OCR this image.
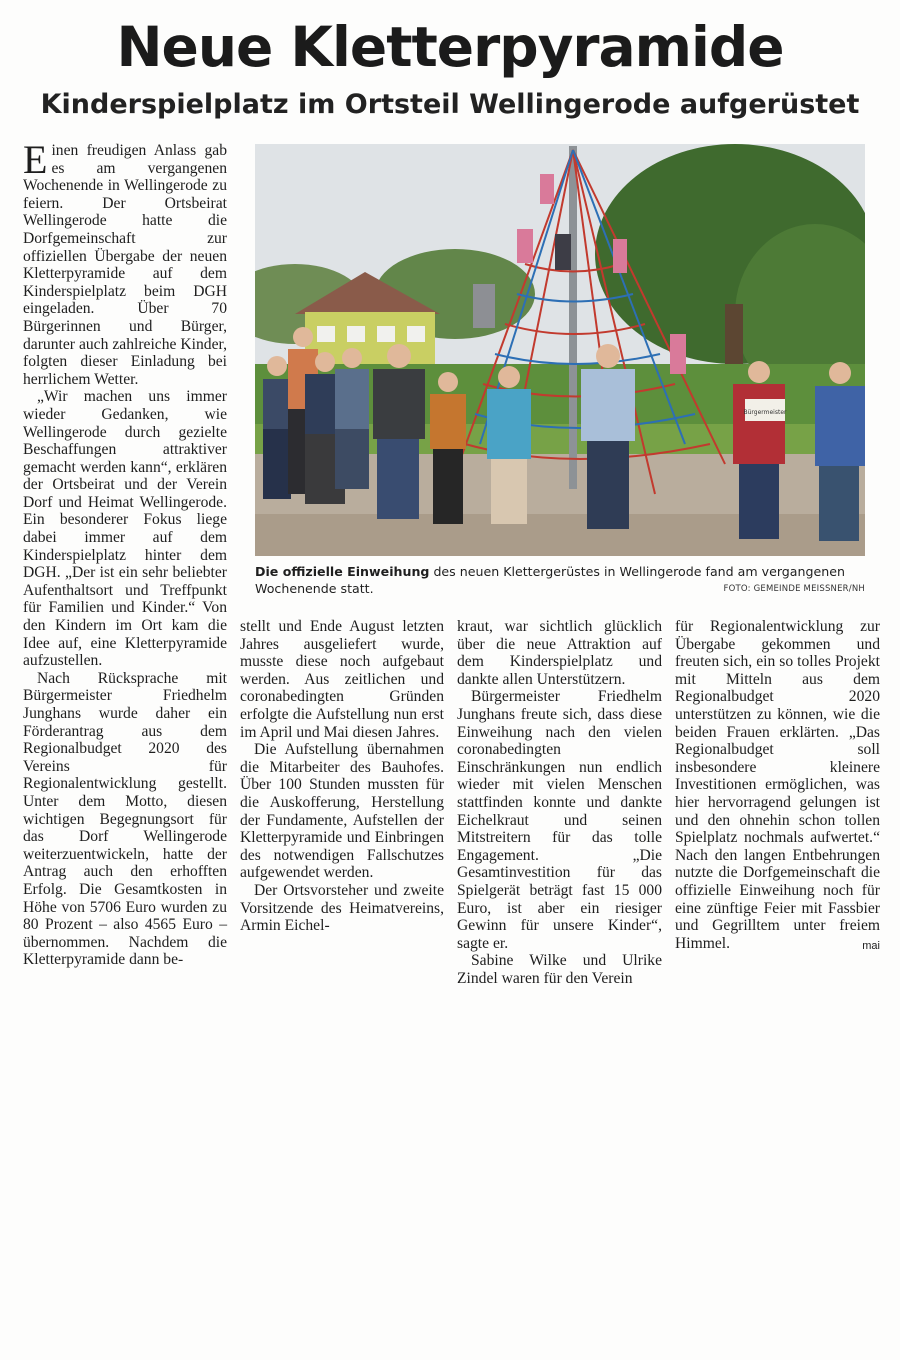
Neue Kletterpyramide
Kinderspielplatz im Ortsteil Wellingerode aufgerüstet

Einen freudigen Anlass gab es am vergangenen Wochenende in Wellingerode zu feiern. Der Ortsbeirat Wellingerode hatte die Dorfgemeinschaft zur offiziellen Übergabe der neuen Kletterpyramide auf dem Kinderspielplatz beim DGH eingeladen. Über 70 Bürgerinnen und Bürger, darunter auch zahlreiche Kinder, folgten dieser Einladung bei herrlichem Wetter.

„Wir machen uns immer wieder Gedanken, wie Wellingerode durch gezielte Beschaffungen attraktiver gemacht werden kann“, erklären der Ortsbeirat und der Verein Dorf und Heimat Wellingerode. Ein besonderer Fokus liege dabei immer auf dem Kinderspielplatz hinter dem DGH. „Der ist ein sehr beliebter Aufenthaltsort und Treffpunkt für Familien und Kinder.“ Von den Kindern im Ort kam die Idee auf, eine Kletterpyramide aufzustellen.

Nach Rücksprache mit Bürgermeister Friedhelm Junghans wurde daher ein Förderantrag aus dem Regionalbudget 2020 des Vereins für Regionalentwicklung gestellt. Unter dem Motto, diesen wichtigen Begegnungsort für das Dorf Wellingerode weiterzuentwickeln, hatte der Antrag auch den erhofften Erfolg. Die Gesamtkosten in Höhe von 5706 Euro wurden zu 80 Prozent – also 4565 Euro – übernommen. Nachdem die Kletterpyramide dann be-

Bürgermeister
Die offizielle Einweihung des neuen Klettergerüstes in Wellingerode fand am vergangenen Wochenende statt.	FOTO: GEMEINDE MEISSNER/NH

stellt und Ende August letzten Jahres ausgeliefert wurde, musste diese noch aufgebaut werden. Aus zeitlichen und coronabedingten Gründen erfolgte die Aufstellung nun erst im April und Mai diesen Jahres.

Die Aufstellung übernahmen die Mitarbeiter des Bauhofes. Über 100 Stunden mussten für die Auskofferung, Herstellung der Fundamente, Aufstellen der Kletterpyramide und Einbringen des notwendigen Fallschutzes aufgewendet werden.

Der Ortsvorsteher und zweite Vorsitzende des Heimatvereins, Armin Eichel-

kraut, war sichtlich glücklich über die neue Attraktion auf dem Kinderspielplatz und dankte allen Unterstützern.

Bürgermeister Friedhelm Junghans freute sich, dass diese Einweihung nach den vielen coronabedingten Einschränkungen nun endlich wieder mit vielen Menschen stattfinden konnte und dankte Eichelkraut und seinen Mitstreitern für das tolle Engagement. „Die Gesamtinvestition für das Spielgerät beträgt fast 15 000 Euro, ist aber ein riesiger Gewinn für unsere Kinder“, sagte er.

Sabine Wilke und Ulrike Zindel waren für den Verein

für Regionalentwicklung zur Übergabe gekommen und freuten sich, ein so tolles Projekt mit Mitteln aus dem Regionalbudget 2020 unterstützen zu können, wie die beiden Frauen erklärten. „Das Regionalbudget soll insbesondere kleinere Investitionen ermöglichen, was hier hervorragend gelungen ist und den ohnehin schon tollen Spielplatz nochmals aufwertet.“ Nach den langen Entbehrungen nutzte die Dorfgemeinschaft die offizielle Einweihung noch für eine zünftige Feier mit Fassbier und Gegrilltem unter freiem Himmel.	mai
